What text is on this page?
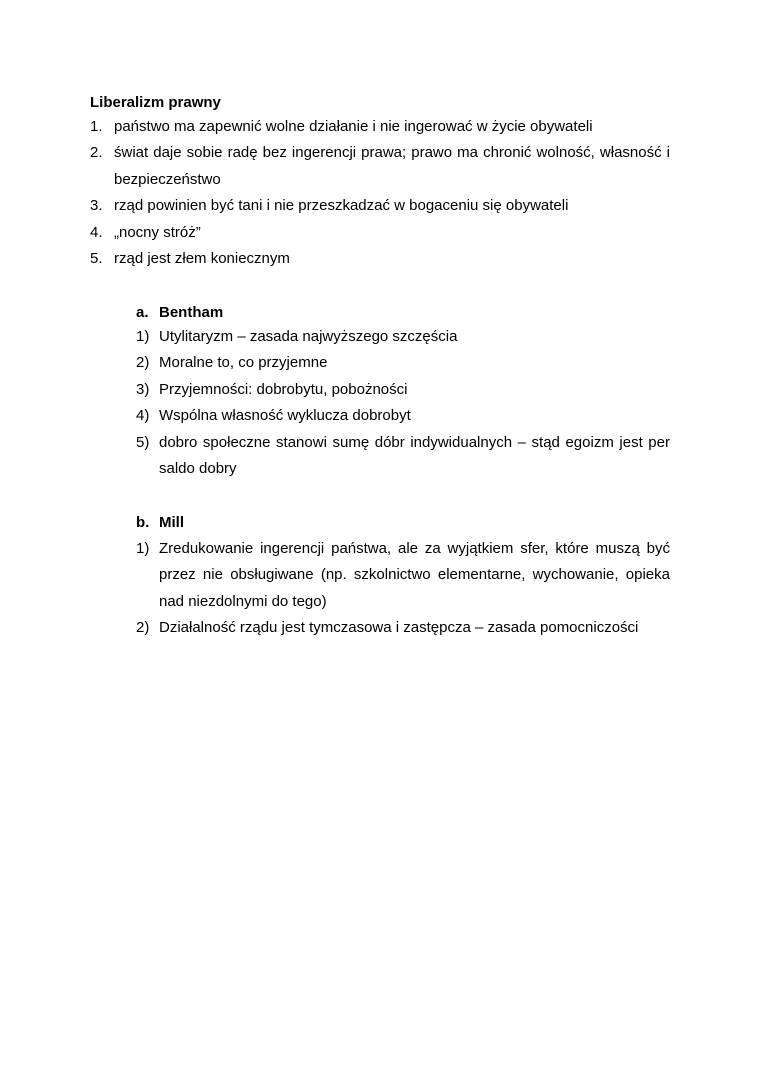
Liberalizm prawny
1. państwo ma zapewnić wolne działanie i nie ingerować w życie obywateli
2. świat daje sobie radę bez ingerencji prawa; prawo ma chronić wolność, własność i bezpieczeństwo
3. rząd powinien być tani i nie przeszkadzać w bogaceniu się obywateli
4. „nocny stróż”
5. rząd jest złem koniecznym
a. Bentham
1) Utylitaryzm – zasada najwyższego szczęścia
2) Moralne to, co przyjemne
3) Przyjemności: dobrobytu, pobożności
4) Wspólna własność wyklucza dobrobyt
5) dobro społeczne stanowi sumę dóbr indywidualnych – stąd egoizm jest per saldo dobry
b. Mill
1) Zredukowanie ingerencji państwa, ale za wyjątkiem sfer, które muszą być przez nie obsługiwane (np. szkolnictwo elementarne, wychowanie, opieka nad niezdolnymi do tego)
2) Działalność rządu jest tymczasowa i zastępcza – zasada pomocniczości
